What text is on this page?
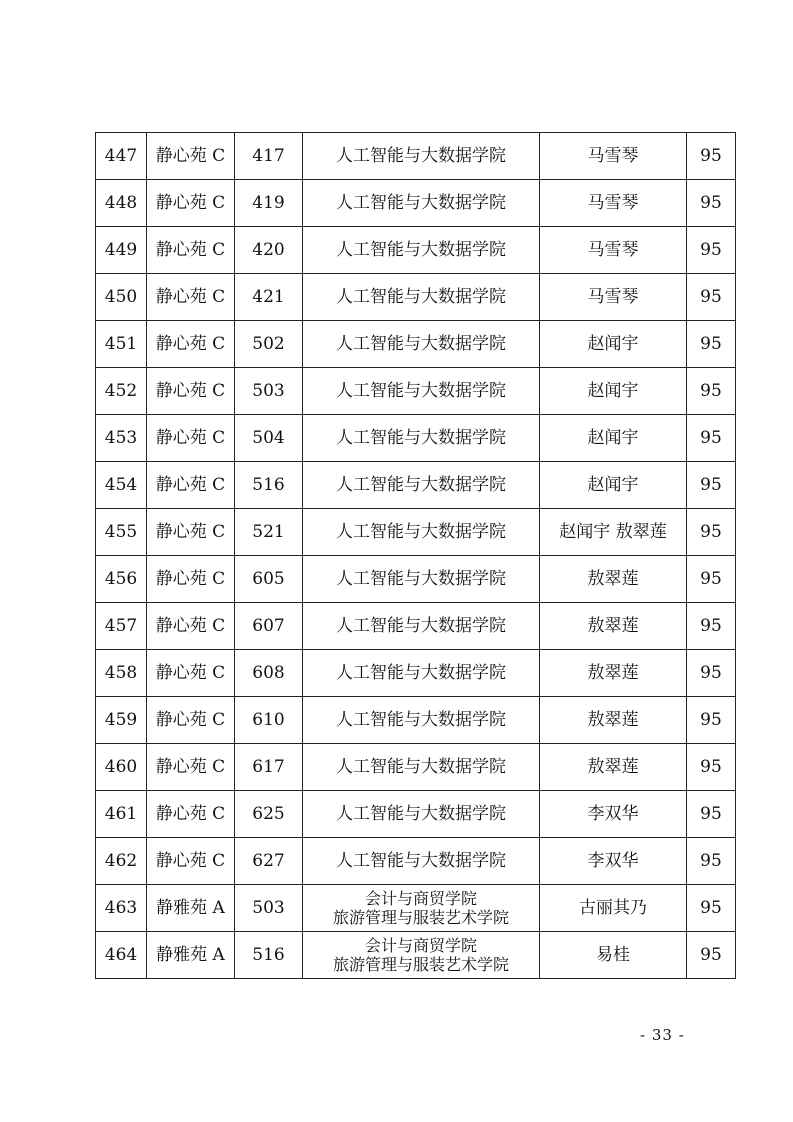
447	静心苑 C	417	人工智能与大数据学院	马雪琴	95
448	静心苑 C	419	人工智能与大数据学院	马雪琴	95
449	静心苑 C	420	人工智能与大数据学院	马雪琴	95
450	静心苑 C	421	人工智能与大数据学院	马雪琴	95
451	静心苑 C	502	人工智能与大数据学院	赵闻宇	95
452	静心苑 C	503	人工智能与大数据学院	赵闻宇	95
453	静心苑 C	504	人工智能与大数据学院	赵闻宇	95
454	静心苑 C	516	人工智能与大数据学院	赵闻宇	95
455	静心苑 C	521	人工智能与大数据学院	赵闻宇 敖翠莲	95
456	静心苑 C	605	人工智能与大数据学院	敖翠莲	95
457	静心苑 C	607	人工智能与大数据学院	敖翠莲	95
458	静心苑 C	608	人工智能与大数据学院	敖翠莲	95
459	静心苑 C	610	人工智能与大数据学院	敖翠莲	95
460	静心苑 C	617	人工智能与大数据学院	敖翠莲	95
461	静心苑 C	625	人工智能与大数据学院	李双华	95
462	静心苑 C	627	人工智能与大数据学院	李双华	95
463	静雅苑 A	503	会计与商贸学院
旅游管理与服装艺术学院	古丽其乃	95
464	静雅苑 A	516	会计与商贸学院
旅游管理与服装艺术学院	易桂	95
- 33 -
